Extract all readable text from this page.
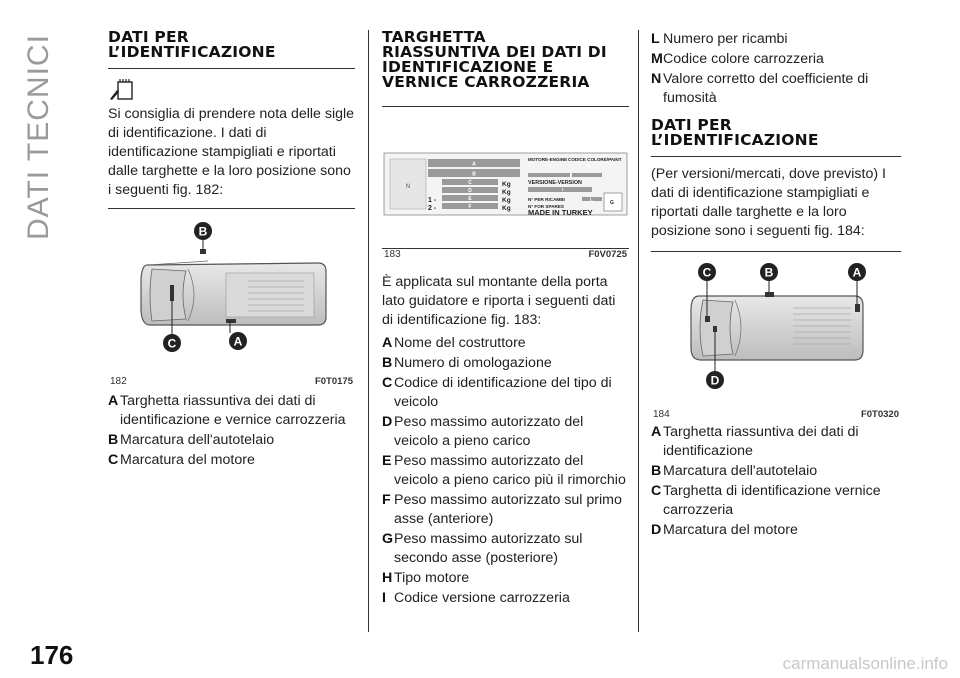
DATI TECNICI
176	carmanualsonline.info
DATI PER
L’IDENTIFICAZIONE

Si consiglia di prendere nota delle sigle di identificazione. I dati di identificazione stampigliati e riportati dalle targhette e la loro posizione sono i seguenti fig. 182:

B
C	A
182	F0T0175
A Targhetta riassuntiva dei dati di identificazione e vernice carrozzeria
B Marcatura dell'autotelaio
C Marcatura del motore
TARGHETTA
RIASSUNTIVA DEI DATI DI
IDENTIFICAZIONE E
VERNICE CARROZZERIA
N
A
B
C
D
E
F
Kg
Kg
Kg
Kg
1 -
2 -
MOTORE-ENGINE CODICE COLORE/PAINT
VERSIONE-VERSION
N° PER RICAMBI
N° FOR SPARES
MADE IN TURKEY
H	M
I
L
G
183	F0V0725

È applicata sul montante della porta lato guidatore e riporta i seguenti dati di identificazione fig. 183:

A Nome del costruttore
B Numero di omologazione
C Codice di identificazione del tipo di veicolo
D Peso massimo autorizzato del veicolo a pieno carico
E Peso massimo autorizzato del veicolo a pieno carico più il rimorchio
F Peso massimo autorizzato sul primo asse (anteriore)
GPeso massimo autorizzato sul secondo asse (posteriore)
H Tipo motore
I Codice versione carrozzeria
L Numero per ricambi
MCodice colore carrozzeria
N Valore corretto del coefficiente di fumosità
DATI PER
L’IDENTIFICAZIONE

(Per versioni/mercati, dove previsto) I dati di identificazione stampigliati e riportati dalle targhette e la loro posizione sono i seguenti fig. 184:

C	B	A
D
184	F0T0320
A Targhetta riassuntiva dei dati di identificazione
B Marcatura dell'autotelaio
C Targhetta di identificazione vernice carrozzeria
D Marcatura del motore
